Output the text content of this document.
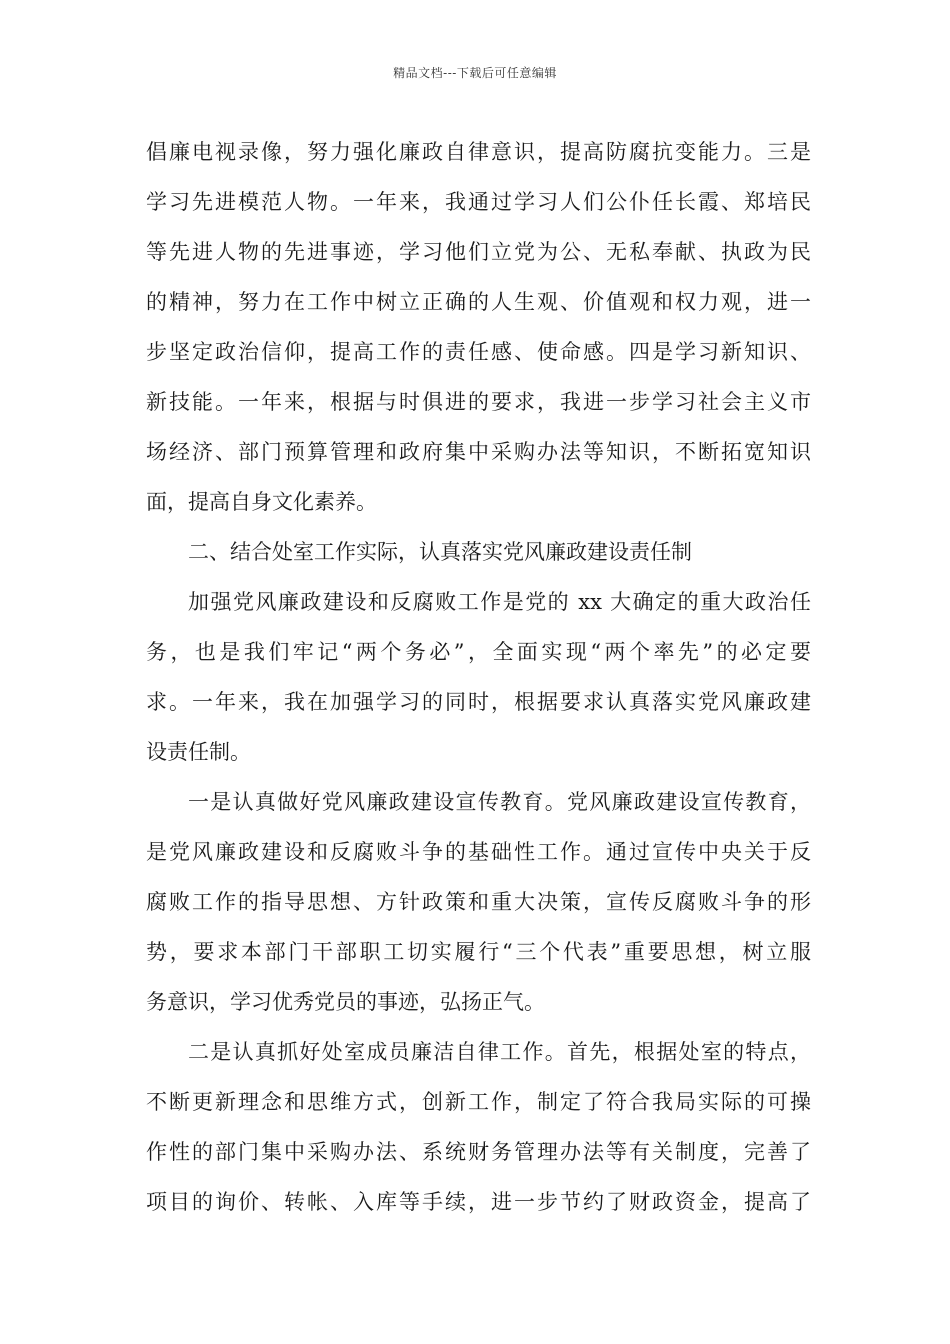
精品文档---下载后可任意编辑
倡廉电视录像，努力强化廉政自律意识，提高防腐抗变能力。三是
学习先进模范人物。一年来，我通过学习人们公仆任长霞、郑培民
等先进人物的先进事迹，学习他们立党为公、无私奉献、执政为民
的精神，努力在工作中树立正确的人生观、价值观和权力观，进一
步坚定政治信仰，提高工作的责任感、使命感。四是学习新知识、
新技能。一年来，根据与时俱进的要求，我进一步学习社会主义市
场经济、部门预算管理和政府集中采购办法等知识，不断拓宽知识
面，提高自身文化素养。
二、结合处室工作实际，认真落实党风廉政建设责任制
加强党风廉政建设和反腐败工作是党的 xx 大确定的重大政治任
务，也是我们牢记“两个务必”，全面实现“两个率先”的必定要
求。一年来，我在加强学习的同时，根据要求认真落实党风廉政建
设责任制。
一是认真做好党风廉政建设宣传教育。党风廉政建设宣传教育，
是党风廉政建设和反腐败斗争的基础性工作。通过宣传中央关于反
腐败工作的指导思想、方针政策和重大决策，宣传反腐败斗争的形
势，要求本部门干部职工切实履行“三个代表”重要思想，树立服
务意识，学习优秀党员的事迹，弘扬正气。
二是认真抓好处室成员廉洁自律工作。首先，根据处室的特点，
不断更新理念和思维方式，创新工作，制定了符合我局实际的可操
作性的部门集中采购办法、系统财务管理办法等有关制度，完善了
项目的询价、转帐、入库等手续，进一步节约了财政资金，提高了
